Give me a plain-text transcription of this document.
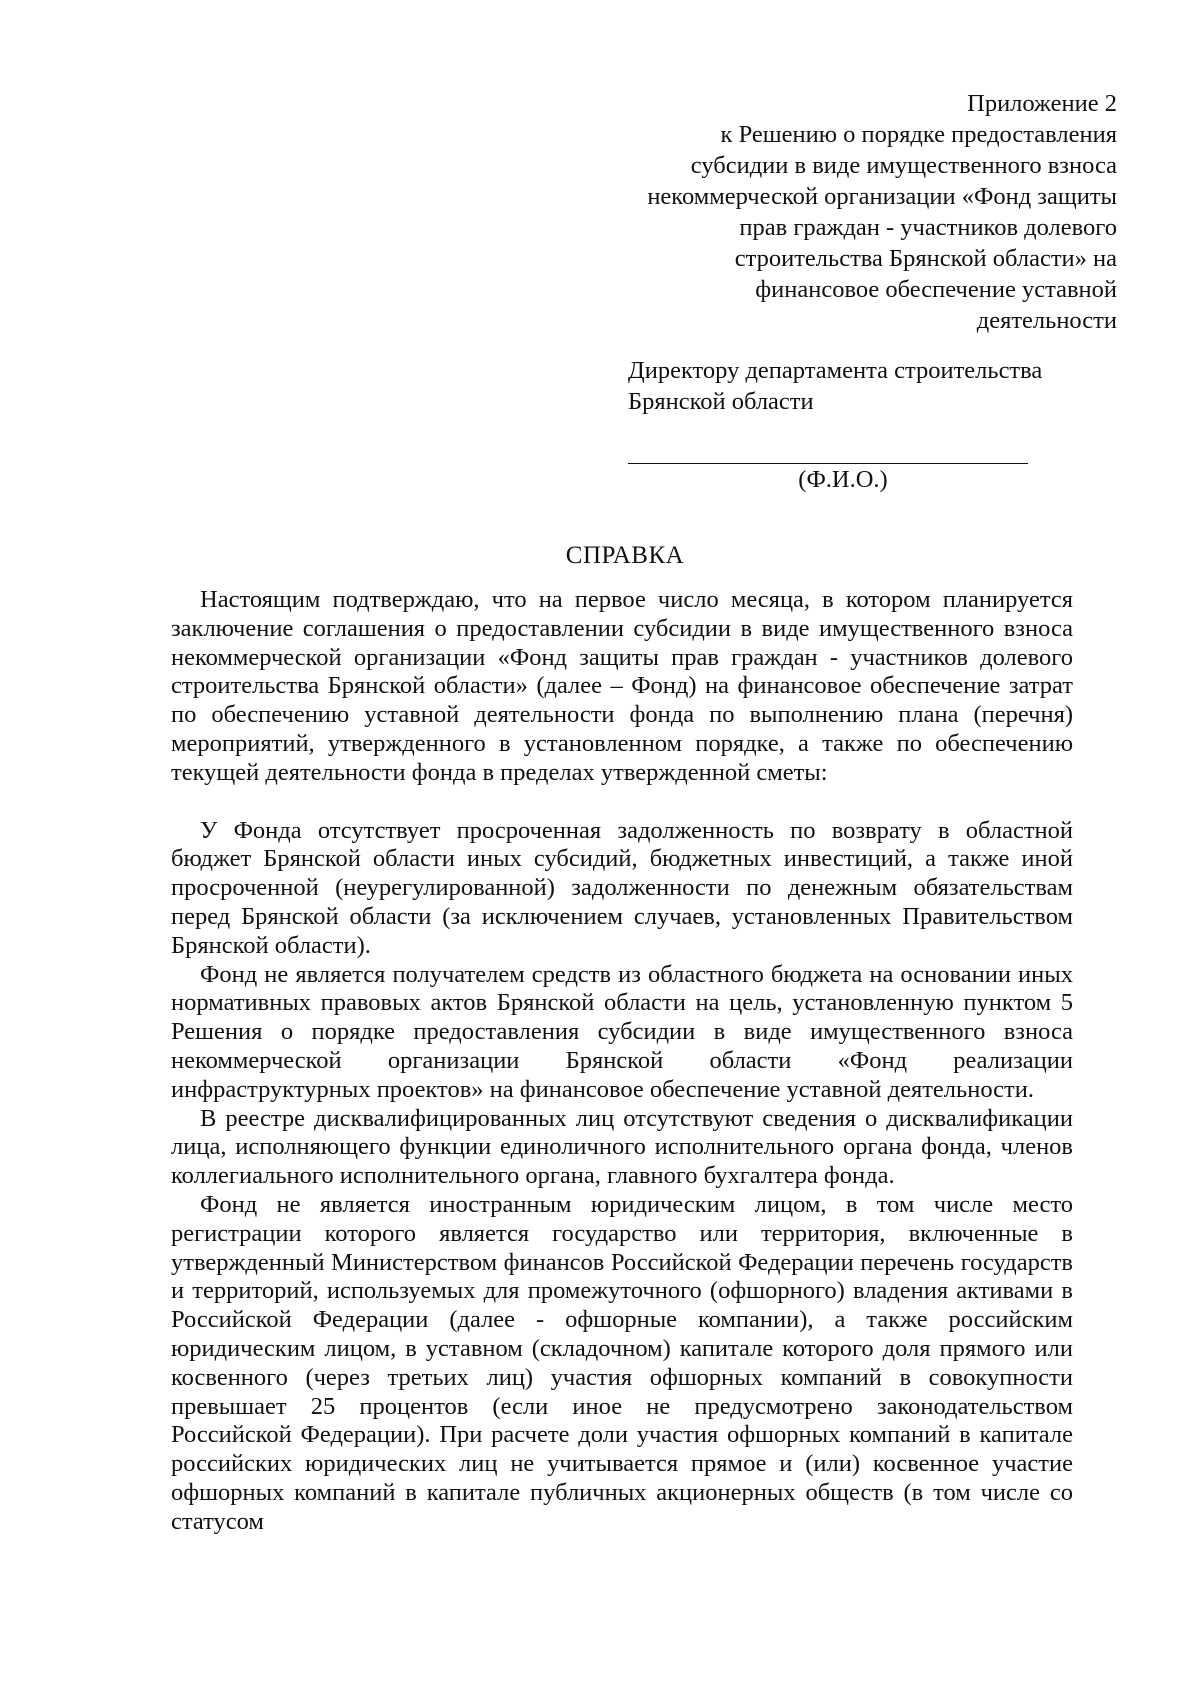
Приложение 2
к Решению о порядке предоставления
субсидии в виде имущественного взноса
некоммерческой организации «Фонд защиты
прав граждан - участников долевого
строительства Брянской области» на
финансовое обеспечение уставной
деятельности
Директору департамента строительства
Брянской области
(Ф.И.О.)
СПРАВКА

Настоящим подтверждаю, что на первое число месяца, в котором планируется заключение соглашения о предоставлении субсидии в виде имущественного взноса некоммерческой организации «Фонд защиты прав граждан - участников долевого строительства Брянской области» (далее – Фонд) на финансовое обеспечение затрат по обеспечению уставной деятельности фонда по выполнению плана (перечня) мероприятий, утвержденного в установленном порядке, а также по обеспечению текущей деятельности фонда в пределах утвержденной сметы:

У Фонда отсутствует просроченная задолженность по возврату в областной бюджет Брянской области иных субсидий, бюджетных инвестиций, а также иной просроченной (неурегулированной) задолженности по денежным обязательствам перед Брянской области (за исключением случаев, установленных Правительством Брянской области).

Фонд не является получателем средств из областного бюджета на основании иных нормативных правовых актов Брянской области на цель, установленную пунктом 5 Решения о порядке предоставления субсидии в виде имущественного взноса некоммерческой организации Брянской области «Фонд реализации инфраструктурных проектов» на финансовое обеспечение уставной деятельности.

В реестре дисквалифицированных лиц отсутствуют сведения о дисквалификации лица, исполняющего функции единоличного исполнительного органа фонда, членов коллегиального исполнительного органа, главного бухгалтера фонда.

Фонд не является иностранным юридическим лицом, в том числе место регистрации которого является государство или территория, включенные в утвержденный Министерством финансов Российской Федерации перечень государств и территорий, используемых для промежуточного (офшорного) владения активами в Российской Федерации (далее - офшорные компании), а также российским юридическим лицом, в уставном (складочном) капитале которого доля прямого или косвенного (через третьих лиц) участия офшорных компаний в совокупности превышает 25 процентов (если иное не предусмотрено законодательством Российской Федерации). При расчете доли участия офшорных компаний в капитале российских юридических лиц не учитывается прямое и (или) косвенное участие офшорных компаний в капитале публичных акционерных обществ (в том числе со статусом
